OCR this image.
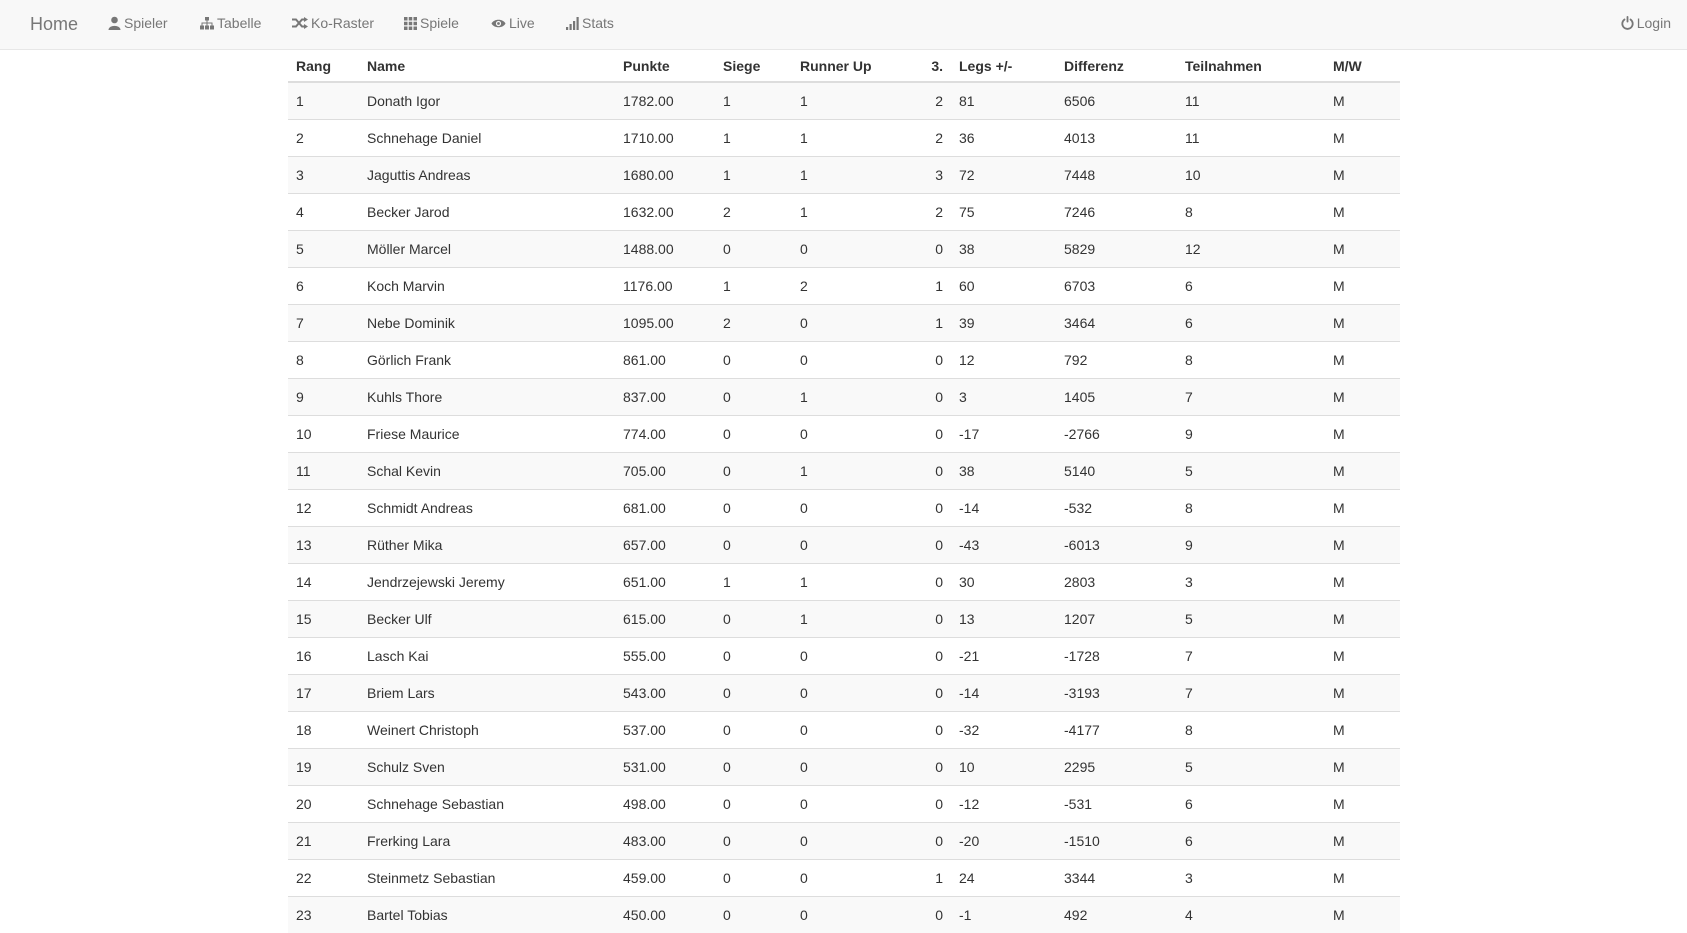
Home	Spieler	Tabelle	Ko-Raster	Spiele	Live	Stats	Login
Rang	Name	Punkte	Siege	Runner Up	3.	Legs +/-	Differenz	Teilnahmen	M/W
1	Donath Igor	1782.00	1	1	2	81	6506	11	M
2	Schnehage Daniel	1710.00	1	1	2	36	4013	11	M
3	Jaguttis Andreas	1680.00	1	1	3	72	7448	10	M
4	Becker Jarod	1632.00	2	1	2	75	7246	8	M
5	Möller Marcel	1488.00	0	0	0	38	5829	12	M
6	Koch Marvin	1176.00	1	2	1	60	6703	6	M
7	Nebe Dominik	1095.00	2	0	1	39	3464	6	M
8	Görlich Frank	861.00	0	0	0	12	792	8	M
9	Kuhls Thore	837.00	0	1	0	3	1405	7	M
10	Friese Maurice	774.00	0	0	0	-17	-2766	9	M
11	Schal Kevin	705.00	0	1	0	38	5140	5	M
12	Schmidt Andreas	681.00	0	0	0	-14	-532	8	M
13	Rüther Mika	657.00	0	0	0	-43	-6013	9	M
14	Jendrzejewski Jeremy	651.00	1	1	0	30	2803	3	M
15	Becker Ulf	615.00	0	1	0	13	1207	5	M
16	Lasch Kai	555.00	0	0	0	-21	-1728	7	M
17	Briem Lars	543.00	0	0	0	-14	-3193	7	M
18	Weinert Christoph	537.00	0	0	0	-32	-4177	8	M
19	Schulz Sven	531.00	0	0	0	10	2295	5	M
20	Schnehage Sebastian	498.00	0	0	0	-12	-531	6	M
21	Frerking Lara	483.00	0	0	0	-20	-1510	6	M
22	Steinmetz Sebastian	459.00	0	0	1	24	3344	3	M
23	Bartel Tobias	450.00	0	0	0	-1	492	4	M
